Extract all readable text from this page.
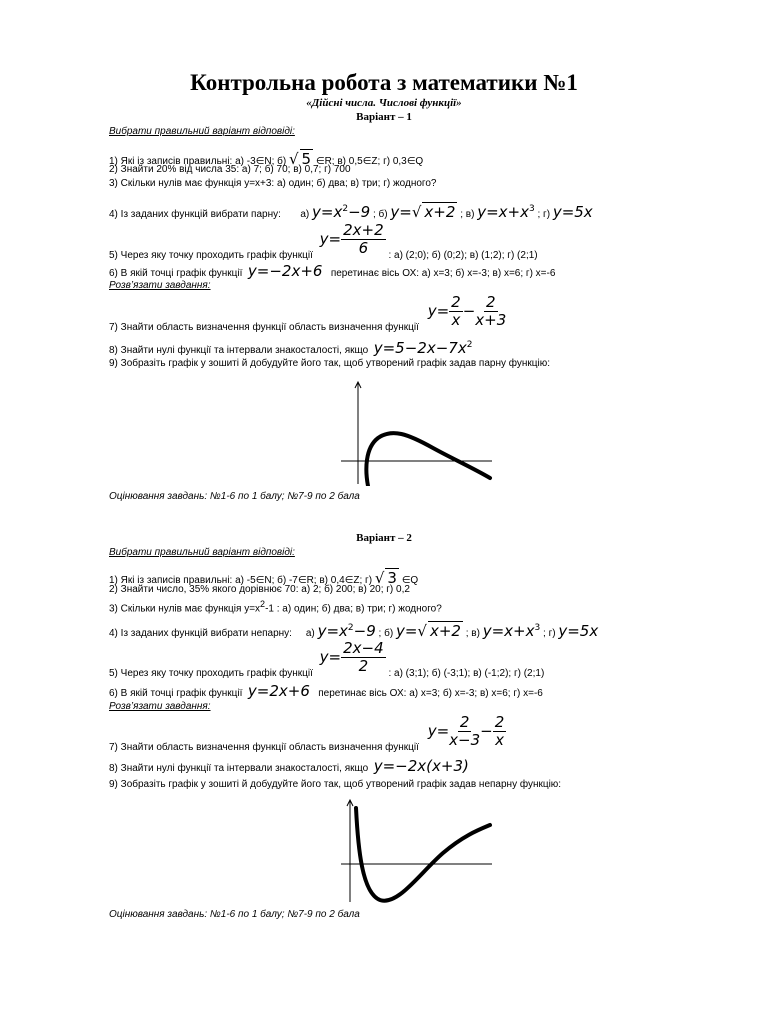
Контрольна робота з математики №1
«Дійсні числа. Числові функції»
Варіант – 1
Вибрати правильний варіант відповіді:
1) Які із записів правильні: а) -3∈N; б) √ 5 ∈R; в) 0,5∈Z; г) 0,3∈Q
2) Знайти 20% від числа 35: а) 7; б) 70; в) 0,7; г) 700
3) Скільки нулів має функція у=х+3: а) один; б) два; в) три; г) жодного?
4) Із заданих функцій вибрати парну: а) $y=x^2-9$ ; б) y=√ x+2 ; в) $y=x+x^3$ ; г) y=5x
5) Через яку точку проходить графік функції $y= \frac{2x+2}{6}$ : а) (2;0); б) (0;2); в) (1;2); г) (2;1)
6) В якій точці графік функції y=−2x+6 перетинає вісь ОХ: а) х=3; б) х=-3; в) х=6; г) х=-6
Розв’язати завдання:
7) Знайти область визначення функції область визначення функції $y= \frac{2}{x} - \frac{2}{x+3}$
8) Знайти нулі функції та інтервали знакосталості, якщо $y=5-2x-7x^2$
9) Зобразіть графік у зошиті й добудуйте його так, щоб утворений графік задав парну функцію:
Оцінювання завдань: №1-6 по 1 балу; №7-9 по 2 бала
Варіант – 2
Вибрати правильний варіант відповіді:
1) Які із записів правильні: а) -5∈N; б) -7∈R; в) 0,4∈Z; г) √ 3 ∈Q
2) Знайти число, 35% якого дорівнює 70: а) 2; б) 200; в) 20; г) 0,2
3) Скільки нулів має функція у=х2-1 : а) один; б) два; в) три; г) жодного?
4) Із заданих функцій вибрати непарну: а) $y=x^2-9$ ; б) y=√ x+2 ; в) $y=x+x^3$ ; г) y=5x
5) Через яку точку проходить графік функції $y= \frac{2x-4}{2}$ : а) (3;1); б) (-3;1); в) (-1;2); г) (2;1)
6) В якій точці графік функції y=2x+6 перетинає вісь ОХ: а) х=3; б) х=-3; в) х=6; г) х=-6
Розв’язати завдання:
7) Знайти область визначення функції область визначення функції $y= \frac{2}{x-3} - \frac{2}{x}$
8) Знайти нулі функції та інтервали знакосталості, якщо y=−2x(x+3)
9) Зобразіть графік у зошиті й добудуйте його так, щоб утворений графік задав непарну функцію:
Оцінювання завдань: №1-6 по 1 балу; №7-9 по 2 бала
